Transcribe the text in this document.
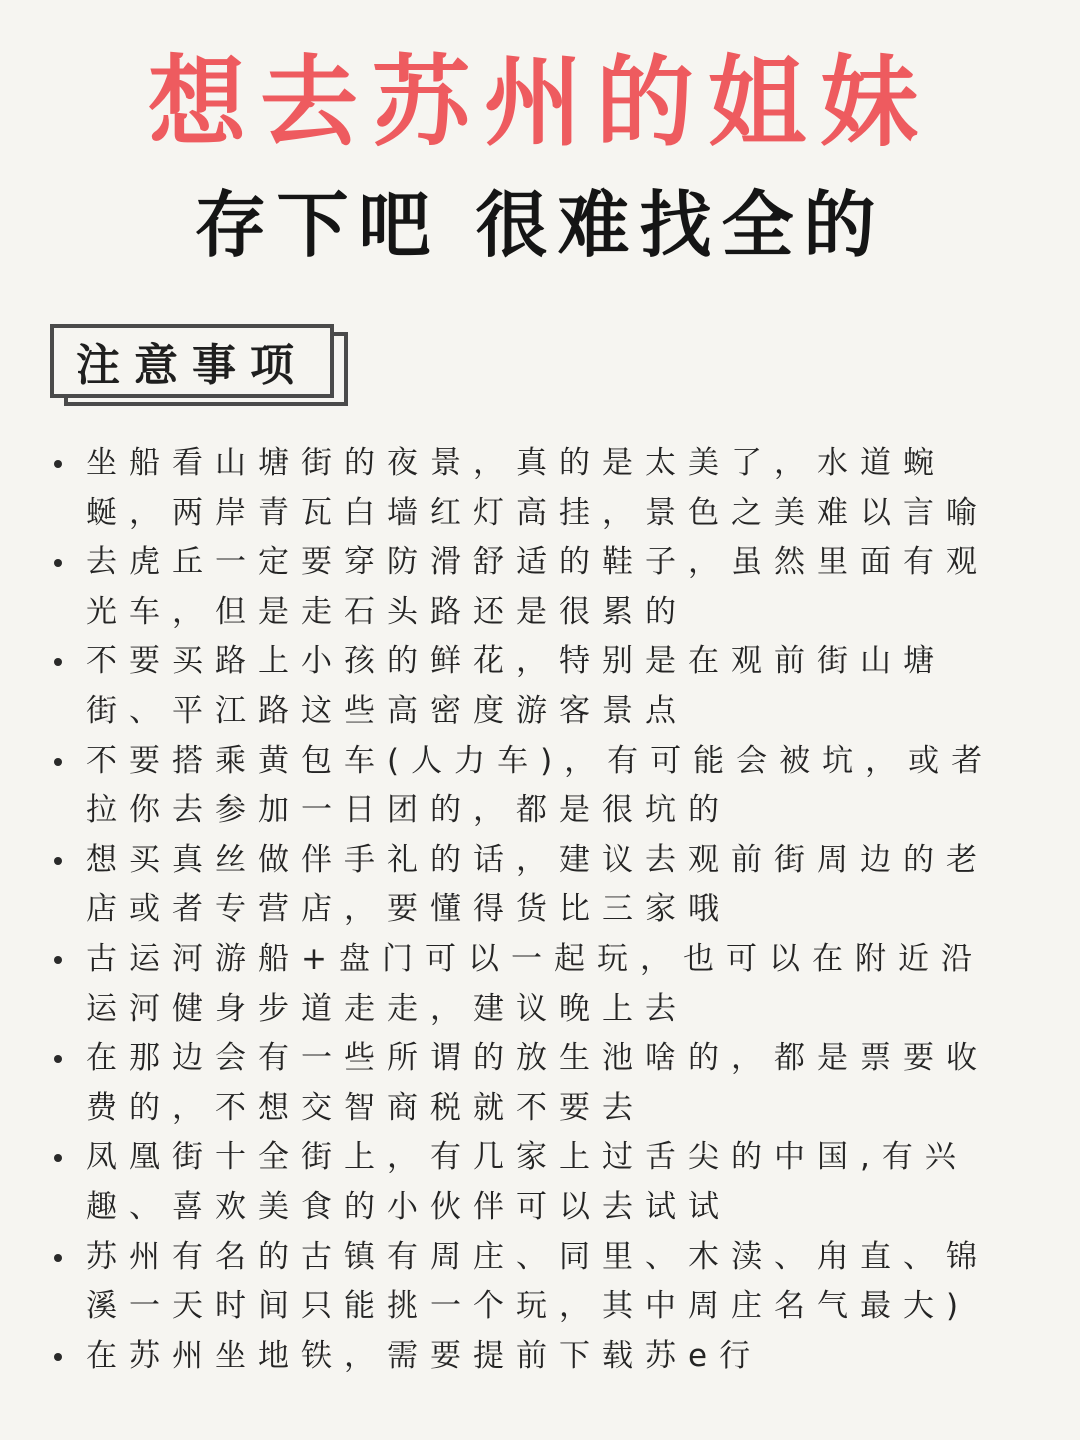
想去苏州的姐妹
存下吧 很难找全的
注意事项
坐船看山塘街的夜景，真的是太美了，水道蜿蜒，两岸青瓦白墙红灯高挂，景色之美难以言喻
去虎丘一定要穿防滑舒适的鞋子，虽然里面有观光车，但是走石头路还是很累的
不要买路上小孩的鲜花，特别是在观前街山塘街、平江路这些高密度游客景点
不要搭乘黄包车(人力车)，有可能会被坑，或者拉你去参加一日团的，都是很坑的
想买真丝做伴手礼的话，建议去观前街周边的老店或者专营店，要懂得货比三家哦
古运河游船+盘门可以一起玩，也可以在附近沿运河健身步道走走，建议晚上去
在那边会有一些所谓的放生池啥的，都是票要收费的，不想交智商税就不要去
凤凰街十全街上，有几家上过舌尖的中国,有兴趣、喜欢美食的小伙伴可以去试试
苏州有名的古镇有周庄、同里、木渎、甪直、锦溪一天时间只能挑一个玩，其中周庄名气最大)
在苏州坐地铁，需要提前下载苏e行
